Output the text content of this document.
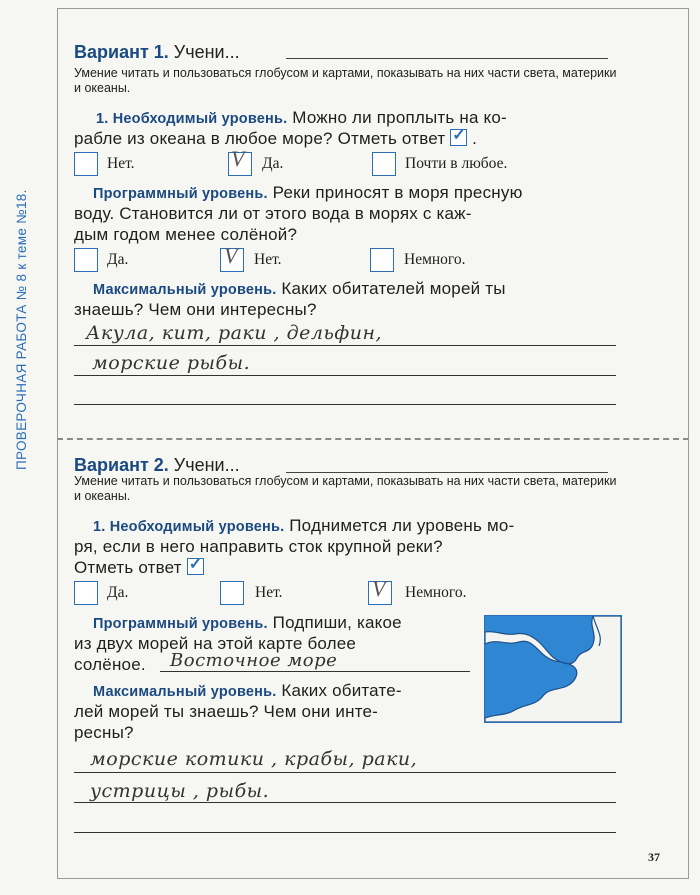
ПРОВЕРОЧНАЯ РАБОТА № 8 к теме №18.
Вариант 1. Учени...
Умение читать и пользоваться глобусом и картами, показывать на них части света, материки и океаны.
1. Необходимый уровень. Можно ли проплыть на ко-
рабле из океана в любое море? Отметь ответ ✓ .
Нет.	V Да.	Почти в любое.
Программный уровень. Реки приносят в моря пресную
воду. Становится ли от этого вода в морях с каж-
дым годом менее солёной?
Да.	V Нет.	Немного.
Максимальный уровень. Каких обитателей морей ты
знаешь? Чем они интересны?
Акула, кит, раки , дельфин,
морские рыбы.
Вариант 2. Учени...
Умение читать и пользоваться глобусом и картами, показывать на них части света, материки и океаны.
1. Необходимый уровень. Поднимется ли уровень мо-
ря, если в него направить сток крупной реки?
Отметь ответ ✓
Да.	Нет.	V Немного.
Программный уровень. Подпиши, какое
из двух морей на этой карте более
солёное. Восточное море
Максимальный уровень. Каких обитате-
лей морей ты знаешь? Чем они инте-
ресны?
морские котики , крабы, раки,
устрицы , рыбы.
37
